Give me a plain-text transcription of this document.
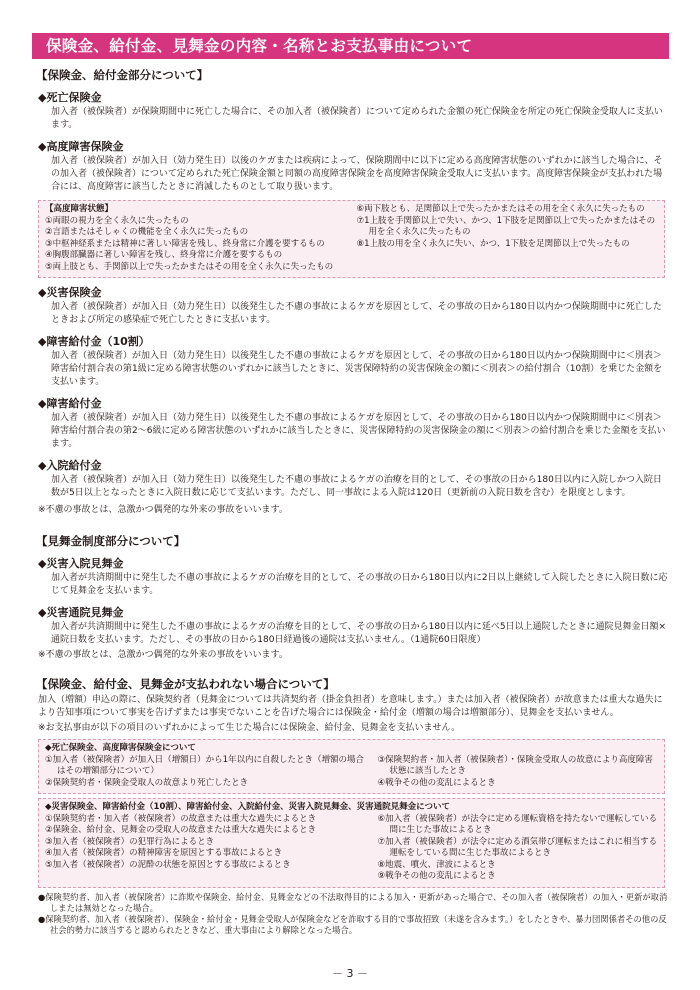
保険金、給付金、見舞金の内容・名称とお支払事由について
【保険金、給付金部分について】
◆死亡保険金
加入者（被保険者）が保険期間中に死亡した場合に、その加入者（被保険者）について定められた金額の死亡保険金を所定の死亡保険金受取人に支払います。
◆高度障害保険金
加入者（被保険者）が加入日（効力発生日）以後のケガまたは疾病によって、保険期間中に以下に定める高度障害状態のいずれかに該当した場合に、その加入者（被保険者）について定められた死亡保険金額と同額の高度障害保険金を高度障害保険金受取人に支払います。高度障害保険金が支払われた場合には、高度障害に該当したときに消滅したものとして取り扱います。
【高度障害状態】
①両眼の視力を全く永久に失ったもの
②言語またはそしゃくの機能を全く永久に失ったもの
③中枢神経系または精神に著しい障害を残し、終身常に介護を要するもの
④胸腹部臓器に著しい障害を残し、終身常に介護を要するもの
⑤両上肢とも、手関節以上で失ったかまたはその用を全く永久に失ったもの
⑥両下肢とも、足関節以上で失ったかまたはその用を全く永久に失ったもの
⑦1上肢を手関節以上で失い、かつ、1下肢を足関節以上で失ったかまたはその用を全く永久に失ったもの
⑧1上肢の用を全く永久に失い、かつ、1下肢を足関節以上で失ったもの
◆災害保険金
加入者（被保険者）が加入日（効力発生日）以後発生した不慮の事故によるケガを原因として、その事故の日から180日以内かつ保険期間中に死亡したときおよび所定の感染症で死亡したときに支払います。
◆障害給付金（10割）
加入者（被保険者）が加入日（効力発生日）以後発生した不慮の事故によるケガを原因として、その事故の日から180日以内かつ保険期間中に＜別表＞障害給付割合表の第1級に定める障害状態のいずれかに該当したときに、災害保障特約の災害保険金の額に＜別表＞の給付割合（10割）を乗じた金額を支払います。
◆障害給付金
加入者（被保険者）が加入日（効力発生日）以後発生した不慮の事故によるケガを原因として、その事故の日から180日以内かつ保険期間中に＜別表＞障害給付割合表の第2～6級に定める障害状態のいずれかに該当したときに、災害保障特約の災害保険金の額に＜別表＞の給付割合を乗じた金額を支払います。
◆入院給付金
加入者（被保険者）が加入日（効力発生日）以後発生した不慮の事故によるケガの治療を目的として、その事故の日から180日以内に入院しかつ入院日数が5日以上となったときに入院日数に応じて支払います。ただし、同一事故による入院は120日（更新前の入院日数を含む）を限度とします。
※不慮の事故とは、急激かつ偶発的な外来の事故をいいます。
【見舞金制度部分について】
◆災害入院見舞金
加入者が共済期間中に発生した不慮の事故によるケガの治療を目的として、その事故の日から180日以内に2日以上継続して入院したときに入院日数に応じて見舞金を支払います。
◆災害通院見舞金
加入者が共済期間中に発生した不慮の事故によるケガの治療を目的として、その事故の日から180日以内に延べ5日以上通院したときに通院見舞金日額×通院日数を支払います。ただし、その事故の日から180日経過後の通院は支払いません。（1通院60日限度）
※不慮の事故とは、急激かつ偶発的な外来の事故をいいます。
【保険金、給付金、見舞金が支払われない場合について】
加入（増額）申込の際に、保険契約者（見舞金については共済契約者（掛金負担者）を意味します。）または加入者（被保険者）が故意または重大な過失により告知事項について事実を告げずまたは事実でないことを告げた場合には保険金・給付金（増額の場合は増額部分）、見舞金を支払いません。
※お支払事由が以下の項目のいずれかによって生じた場合には保険金、給付金、見舞金を支払いません。
◆死亡保険金、高度障害保険金について
①加入者（被保険者）が加入日（増額日）から1年以内に自殺したとき（増額の場合はその増額部分について）
②保険契約者・保険金受取人の故意より死亡したとき
③保険契約者・加入者（被保険者）・保険金受取人の故意により高度障害状態に該当したとき
④戦争その他の変乱によるとき
◆災害保険金、障害給付金（10割）、障害給付金、入院給付金、災害入院見舞金、災害通院見舞金について
①保険契約者・加入者（被保険者）の故意または重大な過失によるとき
②保険金、給付金、見舞金の受取人の故意または重大な過失によるとき
③加入者（被保険者）の犯罪行為によるとき
④加入者（被保険者）の精神障害を原因とする事故によるとき
⑤加入者（被保険者）の泥酔の状態を原因とする事故によるとき
⑥加入者（被保険者）が法令に定める運転資格を持たないで運転している間に生じた事故によるとき
⑦加入者（被保険者）が法令に定める酒気帯び運転またはこれに相当する運転をしている間に生じた事故によるとき
⑧地震、噴火、津波によるとき
⑨戦争その他の変乱によるとき
●保険契約者、加入者（被保険者）に詐欺や保険金、給付金、見舞金などの不法取得目的による加入・更新があった場合で、その加入者（被保険者）の加入・更新が取消しまたは無効となった場合。
●保険契約者、加入者（被保険者）、保険金・給付金・見舞金受取人が保険金などを詐取する目的で事故招致（未遂を含みます。）をしたときや、暴力団関係者その他の反社会的勢力に該当すると認められたときなど、重大事由により解除となった場合。
－ 3 －
